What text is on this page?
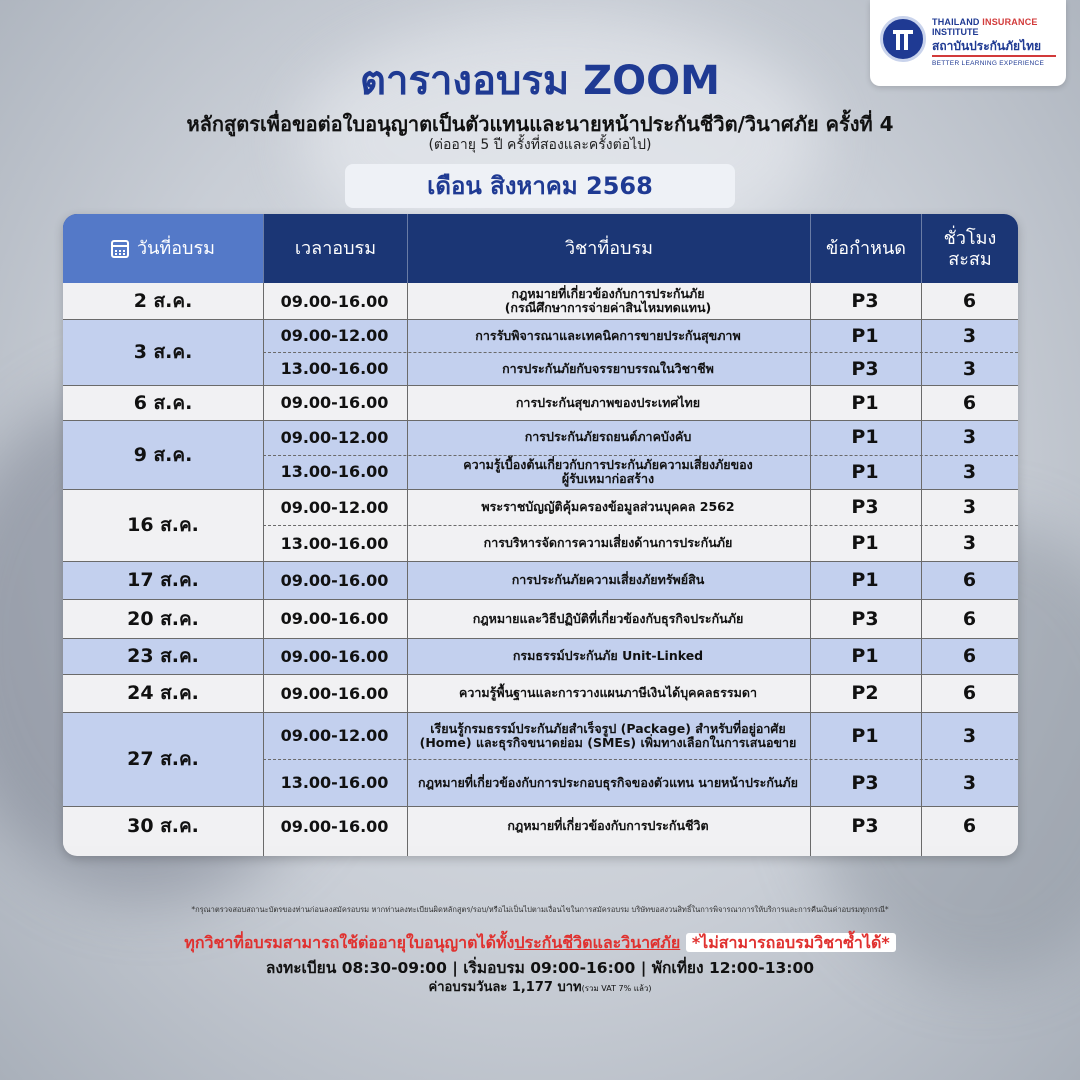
THAILAND INSURANCE
INSTITUTE
สถาบันประกันภัยไทย
BETTER LEARNING EXPERIENCE
ตารางอบรม ZOOM
หลักสูตรเพื่อขอต่อใบอนุญาตเป็นตัวแทนและนายหน้าประกันชีวิต/วินาศภัย ครั้งที่ 4
(ต่ออายุ 5 ปี ครั้งที่สองและครั้งต่อไป)
เดือน สิงหาคม 2568
วันที่อบรม	เวลาอบรม	วิชาที่อบรม	ข้อกำหนด	ชั่วโมง
สะสม
2 ส.ค.	09.00-16.00	กฎหมายที่เกี่ยวข้องกับการประกันภัย
(กรณีศึกษาการจ่ายค่าสินไหมทดแทน)	P3	6
3 ส.ค.
09.00-12.00	การรับพิจารณาและเทคนิคการขายประกันสุขภาพ	P1	3
13.00-16.00	การประกันภัยกับจรรยาบรรณในวิชาชีพ	P3	3
6 ส.ค.	09.00-16.00	การประกันสุขภาพของประเทศไทย	P1	6
9 ส.ค.
09.00-12.00	การประกันภัยรถยนต์ภาคบังคับ	P1	3
13.00-16.00	ความรู้เบื้องต้นเกี่ยวกับการประกันภัยความเสี่ยงภัยของ
ผู้รับเหมาก่อสร้าง	P1	3
16 ส.ค.
09.00-12.00	พระราชบัญญัติคุ้มครองข้อมูลส่วนบุคคล 2562	P3	3
13.00-16.00	การบริหารจัดการความเสี่ยงด้านการประกันภัย	P1	3
17 ส.ค.	09.00-16.00	การประกันภัยความเสี่ยงภัยทรัพย์สิน	P1	6
20 ส.ค.	09.00-16.00	กฎหมายและวิธีปฏิบัติที่เกี่ยวข้องกับธุรกิจประกันภัย	P3	6
23 ส.ค.	09.00-16.00	กรมธรรม์ประกันภัย Unit-Linked	P1	6
24 ส.ค.	09.00-16.00	ความรู้พื้นฐานและการวางแผนภาษีเงินได้บุคคลธรรมดา	P2	6
27 ส.ค.
09.00-12.00	เรียนรู้กรมธรรม์ประกันภัยสำเร็จรูป (Package) สำหรับที่อยู่อาศัย
(Home) และธุรกิจขนาดย่อม (SMEs) เพิ่มทางเลือกในการเสนอขาย	P1	3
13.00-16.00	กฎหมายที่เกี่ยวข้องกับการประกอบธุรกิจของตัวแทน นายหน้าประกันภัย	P3	3
30 ส.ค.	09.00-16.00	กฎหมายที่เกี่ยวข้องกับการประกันชีวิต	P3	6
*กรุณาตรวจสอบสถานะบัตรของท่านก่อนลงสมัครอบรม หากท่านลงทะเบียนผิดหลักสูตร/รอบ/หรือไม่เป็นไปตามเงื่อนไขในการสมัครอบรม บริษัทขอสงวนสิทธิ์ในการพิจารณาการให้บริการและการคืนเงินค่าอบรมทุกกรณี*
ทุกวิชาที่อบรมสามารถใช้ต่ออายุใบอนุญาตได้ทั้งประกันชีวิตและวินาศภัย *ไม่สามารถอบรมวิชาซ้ำได้*
ลงทะเบียน 08:30-09:00 | เริ่มอบรม 09:00-16:00 | พักเที่ยง 12:00-13:00
ค่าอบรมวันละ 1,177 บาท(รวม VAT 7% แล้ว)
